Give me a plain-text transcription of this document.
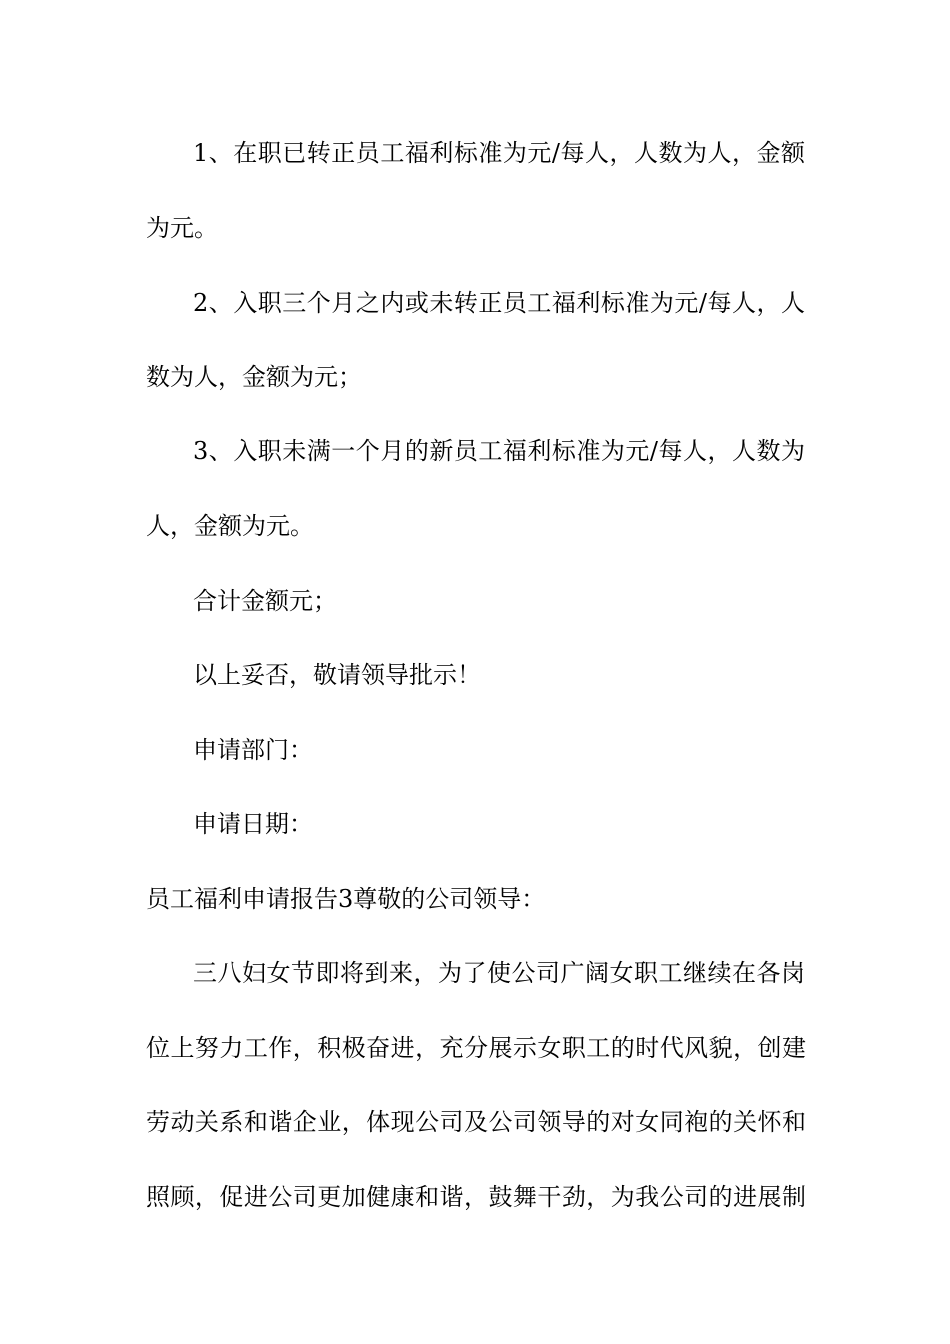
1、在职已转正员工福利标准为元/每人，人数为人，金额
为元。
2、入职三个月之内或未转正员工福利标准为元/每人，人
数为人，金额为元；
3、入职未满一个月的新员工福利标准为元/每人，人数为
人，金额为元。
合计金额元；
以上妥否，敬请领导批示！
申请部门：
申请日期：
员工福利申请报告3尊敬的公司领导：
三八妇女节即将到来，为了使公司广阔女职工继续在各岗
位上努力工作，积极奋进，充分展示女职工的时代风貌，创建
劳动关系和谐企业，体现公司及公司领导的对女同袍的关怀和
照顾，促进公司更加健康和谐，鼓舞干劲，为我公司的进展制
